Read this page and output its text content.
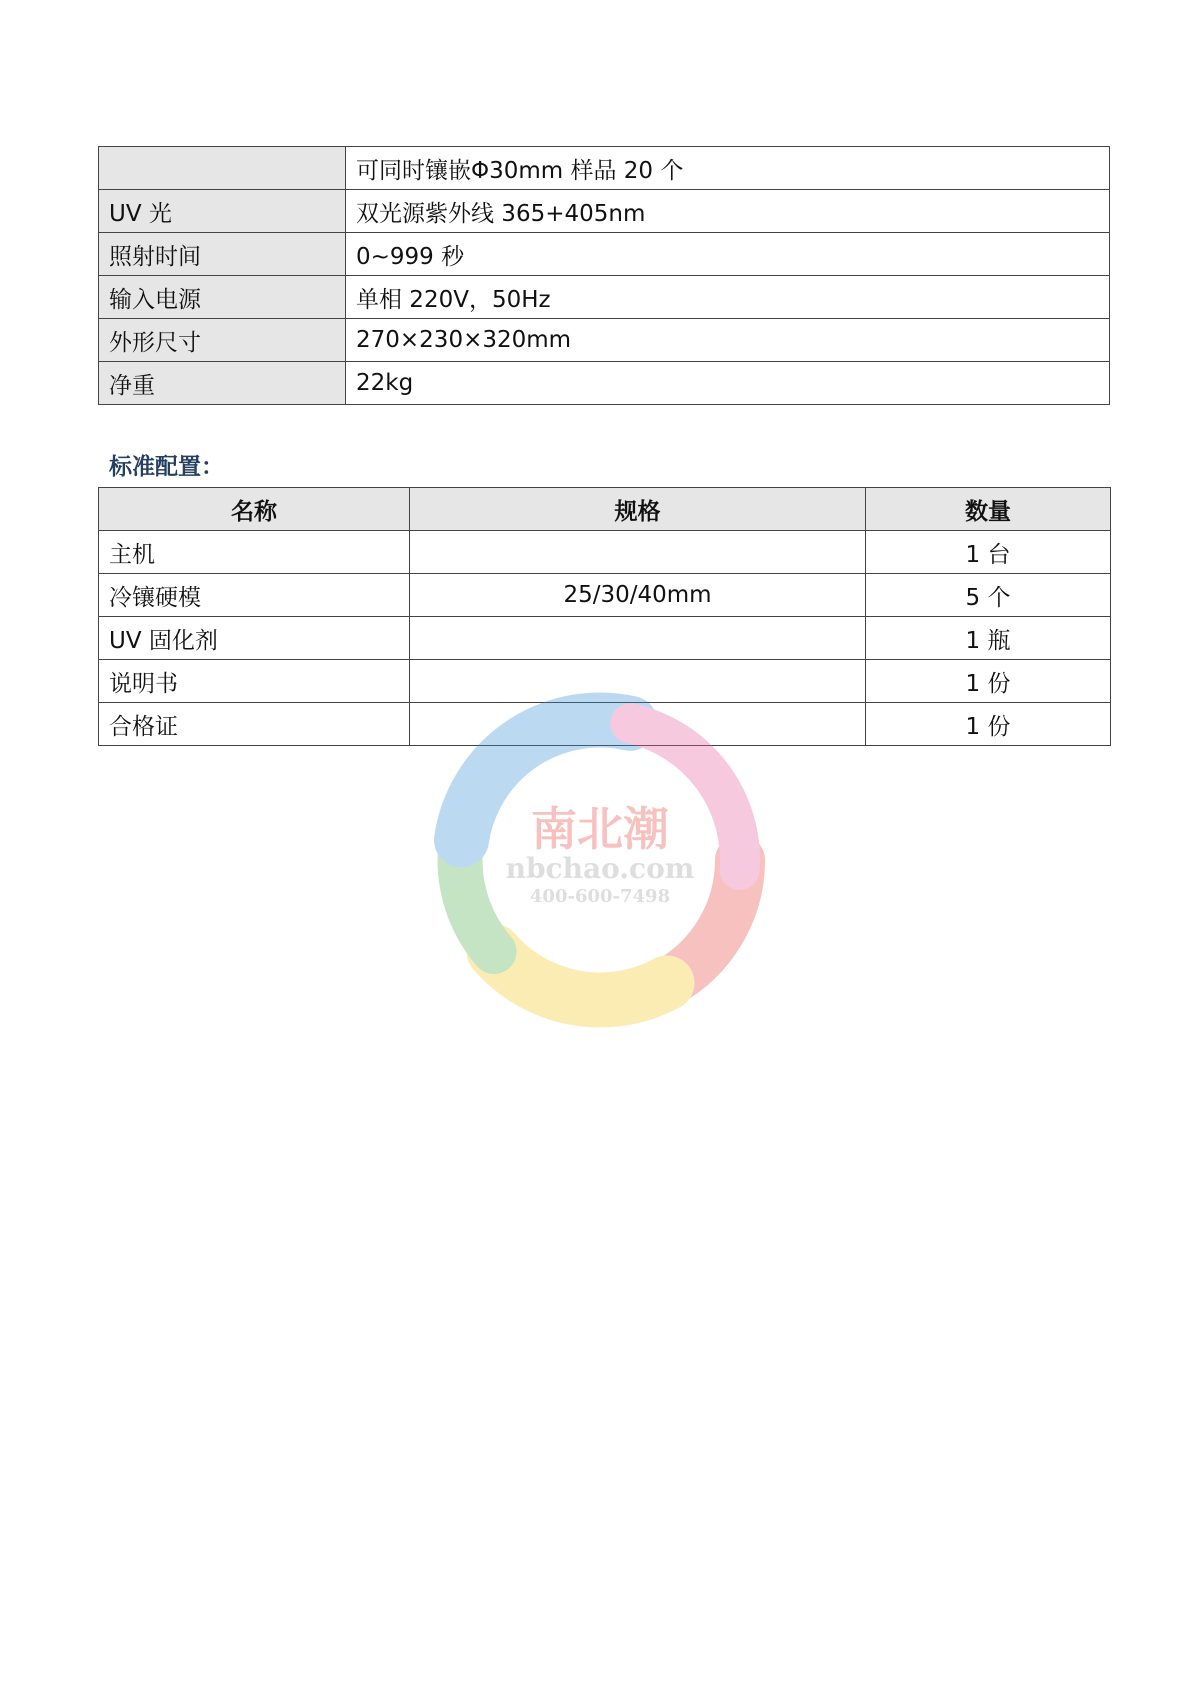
	可同时镶嵌Φ30mm 样品 20 个
UV 光	双光源紫外线 365+405nm
照射时间	0~999 秒
输入电源	单相 220V，50Hz
外形尺寸	270×230×320mm
净重	22kg
标准配置：
名称	规格	数量
主机		1 台
冷镶硬模	25/30/40mm	5 个
UV 固化剂		1 瓶
说明书		1 份
合格证		1 份
南北潮
nbchao.com
400-600-7498
